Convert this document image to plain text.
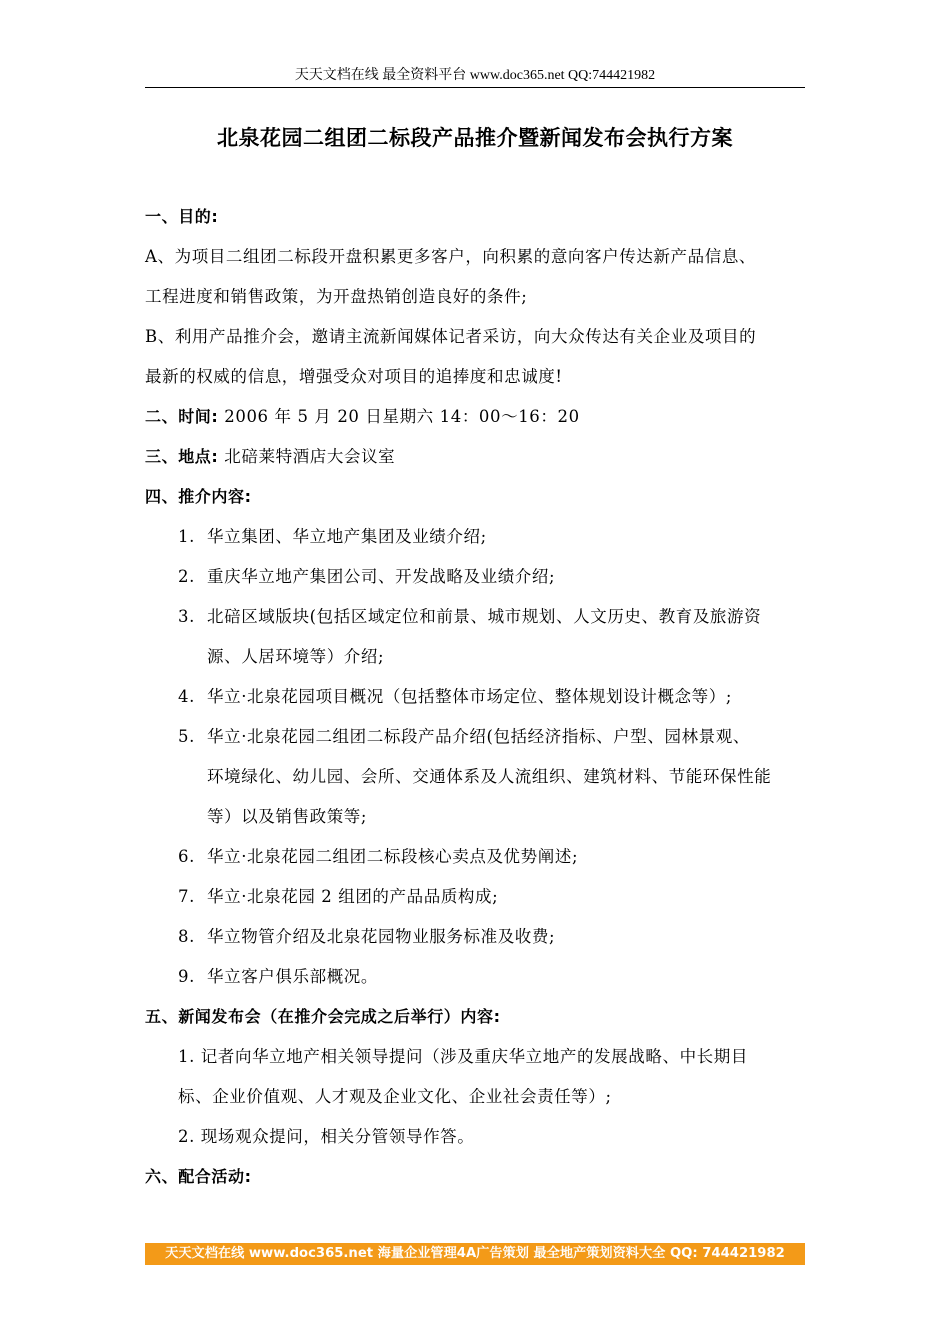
天天文档在线 最全资料平台 www.doc365.net QQ:744421982
北泉花园二组团二标段产品推介暨新闻发布会执行方案
一、目的:
A、为项目二组团二标段开盘积累更多客户，向积累的意向客户传达新产品信息、
工程进度和销售政策，为开盘热销创造良好的条件;
B、利用产品推介会，邀请主流新闻媒体记者采访，向大众传达有关企业及项目的
最新的权威的信息，增强受众对项目的追捧度和忠诚度!
二、时间: 2006 年 5 月 20 日星期六 14：00～16：20
三、地点: 北碚莱特酒店大会议室
四、推介内容:
1. 华立集团、华立地产集团及业绩介绍;
2. 重庆华立地产集团公司、开发战略及业绩介绍;
3. 北碚区域版块(包括区域定位和前景、城市规划、人文历史、教育及旅游资
源、人居环境等）介绍;
4. 华立·北泉花园项目概况（包括整体市场定位、整体规划设计概念等）;
5. 华立·北泉花园二组团二标段产品介绍(包括经济指标、户型、园林景观、
环境绿化、幼儿园、会所、交通体系及人流组织、建筑材料、节能环保性能
等）以及销售政策等;
6. 华立·北泉花园二组团二标段核心卖点及优势阐述;
7. 华立·北泉花园 2 组团的产品品质构成;
8. 华立物管介绍及北泉花园物业服务标准及收费;
9. 华立客户俱乐部概况。
五、新闻发布会（在推介会完成之后举行）内容:
1. 记者向华立地产相关领导提问（涉及重庆华立地产的发展战略、中长期目
标、企业价值观、人才观及企业文化、企业社会责任等）;
2. 现场观众提问，相关分管领导作答。
六、配合活动:
天天文档在线 www.doc365.net 海量企业管理4A广告策划 最全地产策划资料大全 QQ: 744421982
